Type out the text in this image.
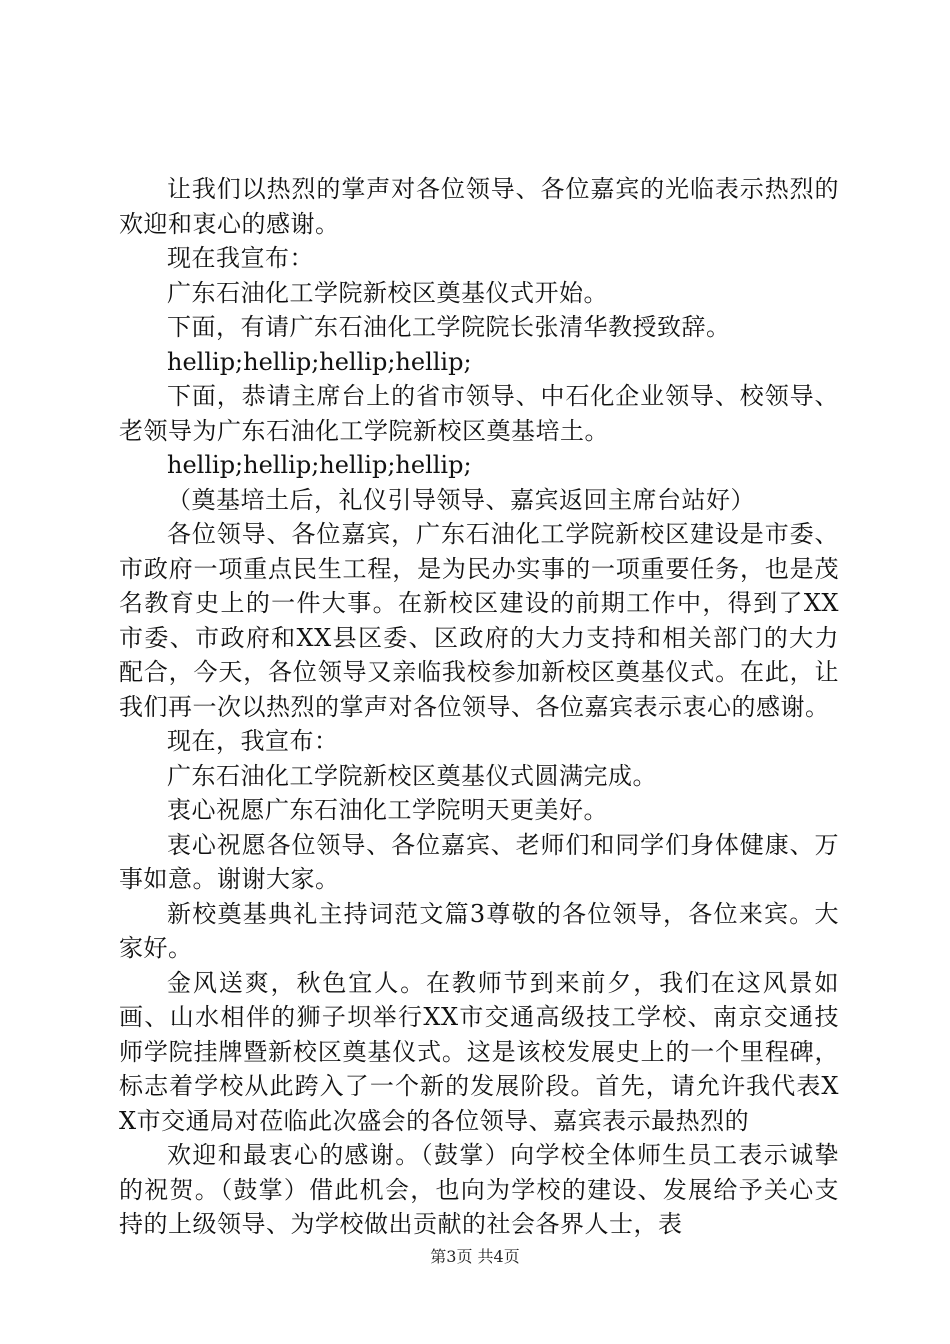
让我们以热烈的掌声对各位领导、各位嘉宾的光临表示热烈的欢迎和衷心的感谢。

现在我宣布：

广东石油化工学院新校区奠基仪式开始。

下面，有请广东石油化工学院院长张清华教授致辞。

hellip;hellip;hellip;hellip;

下面，恭请主席台上的省市领导、中石化企业领导、校领导、老领导为广东石油化工学院新校区奠基培土。

hellip;hellip;hellip;hellip;

（奠基培土后，礼仪引导领导、嘉宾返回主席台站好）

各位领导、各位嘉宾，广东石油化工学院新校区建设是市委、市政府一项重点民生工程，是为民办实事的一项重要任务，也是茂名教育史上的一件大事。在新校区建设的前期工作中，得到了XX市委、市政府和XX县区委、区政府的大力支持和相关部门的大力配合，今天，各位领导又亲临我校参加新校区奠基仪式。在此，让我们再一次以热烈的掌声对各位领导、各位嘉宾表示衷心的感谢。

现在，我宣布：

广东石油化工学院新校区奠基仪式圆满完成。

衷心祝愿广东石油化工学院明天更美好。

衷心祝愿各位领导、各位嘉宾、老师们和同学们身体健康、万事如意。谢谢大家。

新校奠基典礼主持词范文篇3尊敬的各位领导，各位来宾。大家好。

金风送爽，秋色宜人。在教师节到来前夕，我们在这风景如画、山水相伴的狮子坝举行XX市交通高级技工学校、南京交通技师学院挂牌暨新校区奠基仪式。这是该校发展史上的一个里程碑，标志着学校从此跨入了一个新的发展阶段。首先，请允许我代表XX市交通局对莅临此次盛会的各位领导、嘉宾表示最热烈的

欢迎和最衷心的感谢。（鼓掌）向学校全体师生员工表示诚挚的祝贺。（鼓掌）借此机会，也向为学校的建设、发展给予关心支持的上级领导、为学校做出贡献的社会各界人士，表

第3页 共4页
